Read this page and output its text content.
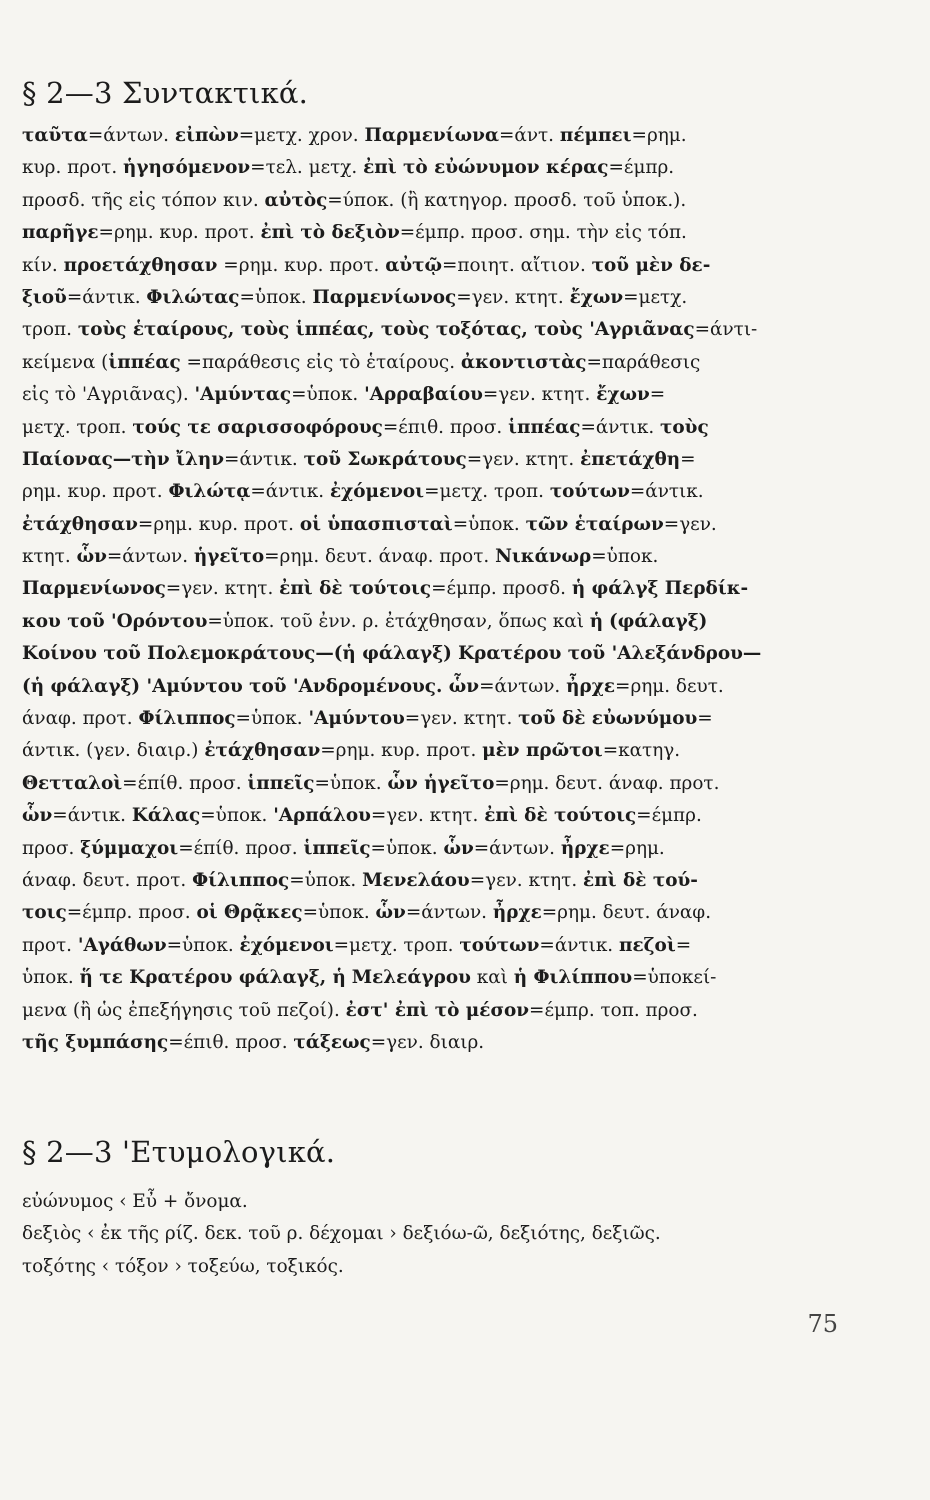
§ 2—3 Συντακτικά.
ταῦτα=άντων. εἰπὼν=μετχ. χρον. Παρμενίωνα=άντ. πέμπει=ρημ.
κυρ. προτ. ἡγησόμενον=τελ. μετχ. ἐπὶ τὸ εὐώνυμον κέρας=έμπρ.
προσδ. τῆς εἰς τόπον κιν. αὐτὸς=ύποκ. (ἢ κατηγορ. προσδ. τοῦ ὑποκ.).
παρῆγε=ρημ. κυρ. προτ. ἐπὶ τὸ δεξιὸν=έμπρ. προσ. σημ. τὴν εἰς τόπ.
κίν. προετάχθησαν =ρημ. κυρ. προτ. αὐτῷ=ποιητ. αἴτιον. τοῦ μὲν δε-
ξιοῦ=άντικ. Φιλώτας=ὑποκ. Παρμενίωνος=γεν. κτητ. ἔχων=μετχ.
τροπ. τοὺς ἑταίρους, τοὺς ἱππέας, τοὺς τοξότας, τοὺς 'Αγριᾶνας=άντι-
κείμενα (ἱππέας =παράθεσις εἰς τὸ ἑταίρους. ἀκοντιστὰς=παράθεσις
εἰς τὸ 'Αγριᾶνας). 'Αμύντας=ὑποκ. 'Αρραβαίου=γεν. κτητ. ἔχων=
μετχ. τροπ. τούς τε σαρισσοφόρους=έπιθ. προσ. ἱππέας=άντικ. τοὺς
Παίονας—τὴν ἴλην=άντικ. τοῦ Σωκράτους=γεν. κτητ. ἐπετάχθη=
ρημ. κυρ. προτ. Φιλώτᾳ=άντικ. ἐχόμενοι=μετχ. τροπ. τούτων=άντικ.
ἐτάχθησαν=ρημ. κυρ. προτ. οἱ ὑπασπισταὶ=ὑποκ. τῶν ἑταίρων=γεν.
κτητ. ὧν=άντων. ἡγεῖτο=ρημ. δευτ. άναφ. προτ. Νικάνωρ=ὑποκ.
Παρμενίωνος=γεν. κτητ. ἐπὶ δὲ τούτοις=έμπρ. προσδ. ἡ φάλγξ Περδίκ-
κου τοῦ 'Ορόντου=ὑποκ. τοῦ ἐνν. ρ. ἐτάχθησαν, ὅπως καὶ ἡ (φάλαγξ)
Κοίνου τοῦ Πολεμοκράτους—(ἡ φάλαγξ) Κρατέρου τοῦ 'Αλεξάνδρου—
(ἡ φάλαγξ) 'Αμύντου τοῦ 'Ανδρομένους. ὧν=άντων. ἦρχε=ρημ. δευτ.
άναφ. προτ. Φίλιππος=ὑποκ. 'Αμύντου=γεν. κτητ. τοῦ δὲ εὐωνύμου=
άντικ. (γεν. διαιρ.) ἐτάχθησαν=ρημ. κυρ. προτ. μὲν πρῶτοι=κατηγ.
Θετταλοὶ=έπίθ. προσ. ἱππεῖς=ὑποκ. ὧν ἡγεῖτο=ρημ. δευτ. άναφ. προτ.
ὧν=άντικ. Κάλας=ὑποκ. 'Αρπάλου=γεν. κτητ. ἐπὶ δὲ τούτοις=έμπρ.
προσ. ξύμμαχοι=έπίθ. προσ. ἱππεῖς=ὑποκ. ὧν=άντων. ἦρχε=ρημ.
άναφ. δευτ. προτ. Φίλιππος=ὑποκ. Μενελάου=γεν. κτητ. ἐπὶ δὲ τού-
τοις=έμπρ. προσ. οἱ Θρᾷκες=ὑποκ. ὧν=άντων. ἦρχε=ρημ. δευτ. άναφ.
προτ. 'Αγάθων=ὑποκ. ἐχόμενοι=μετχ. τροπ. τούτων=άντικ. πεζοὶ=
ὑποκ. ἥ τε Κρατέρου φάλαγξ, ἡ Μελεάγρου καὶ ἡ Φιλίππου=ὑποκεί-
μενα (ἢ ὡς ἐπεξήγησις τοῦ πεζοί). ἐστ' ἐπὶ τὸ μέσον=έμπρ. τοπ. προσ.
τῆς ξυμπάσης=έπιθ. προσ. τάξεως=γεν. διαιρ.
§ 2—3 'Ετυμολογικά.
εὐώνυμος ‹ Εὖ + ὄνομα.
δεξιὸς ‹ ἐκ τῆς ρίζ. δεκ. τοῦ ρ. δέχομαι › δεξιόω-ῶ, δεξιότης, δεξιῶς.
τοξότης ‹ τόξον › τοξεύω, τοξικός.
75
